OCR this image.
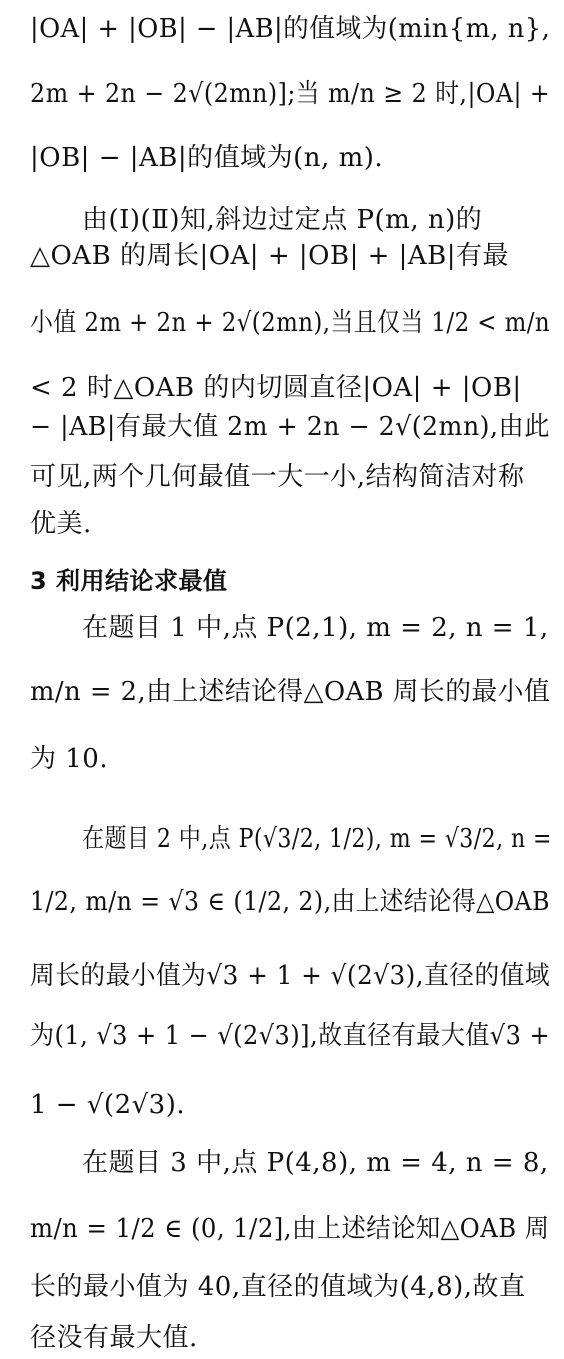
|OA| + |OB| − |AB|的值域为(min{m, n},
2m + 2n − 2√(2mn)];当 m/n ≥ 2 时,|OA| +
|OB| − |AB|的值域为(n, m).
由(Ⅰ)(Ⅱ)知,斜边过定点 P(m, n)的
△OAB 的周长|OA| + |OB| + |AB|有最
小值 2m + 2n + 2√(2mn),当且仅当 1/2 < m/n
< 2 时△OAB 的内切圆直径|OA| + |OB|
− |AB|有最大值 2m + 2n − 2√(2mn),由此
可见,两个几何最值一大一小,结构简洁对称
优美.
3 利用结论求最值
在题目 1 中,点 P(2,1), m = 2, n = 1,
m/n = 2,由上述结论得△OAB 周长的最小值
为 10.
在题目 2 中,点 P(√3/2, 1/2), m = √3/2, n =
1/2, m/n = √3 ∈ (1/2, 2),由上述结论得△OAB
周长的最小值为√3 + 1 + √(2√3),直径的值域
为(1, √3 + 1 − √(2√3)],故直径有最大值√3 +
1 − √(2√3).
在题目 3 中,点 P(4,8), m = 4, n = 8,
m/n = 1/2 ∈ (0, 1/2],由上述结论知△OAB 周
长的最小值为 40,直径的值域为(4,8),故直
径没有最大值.
